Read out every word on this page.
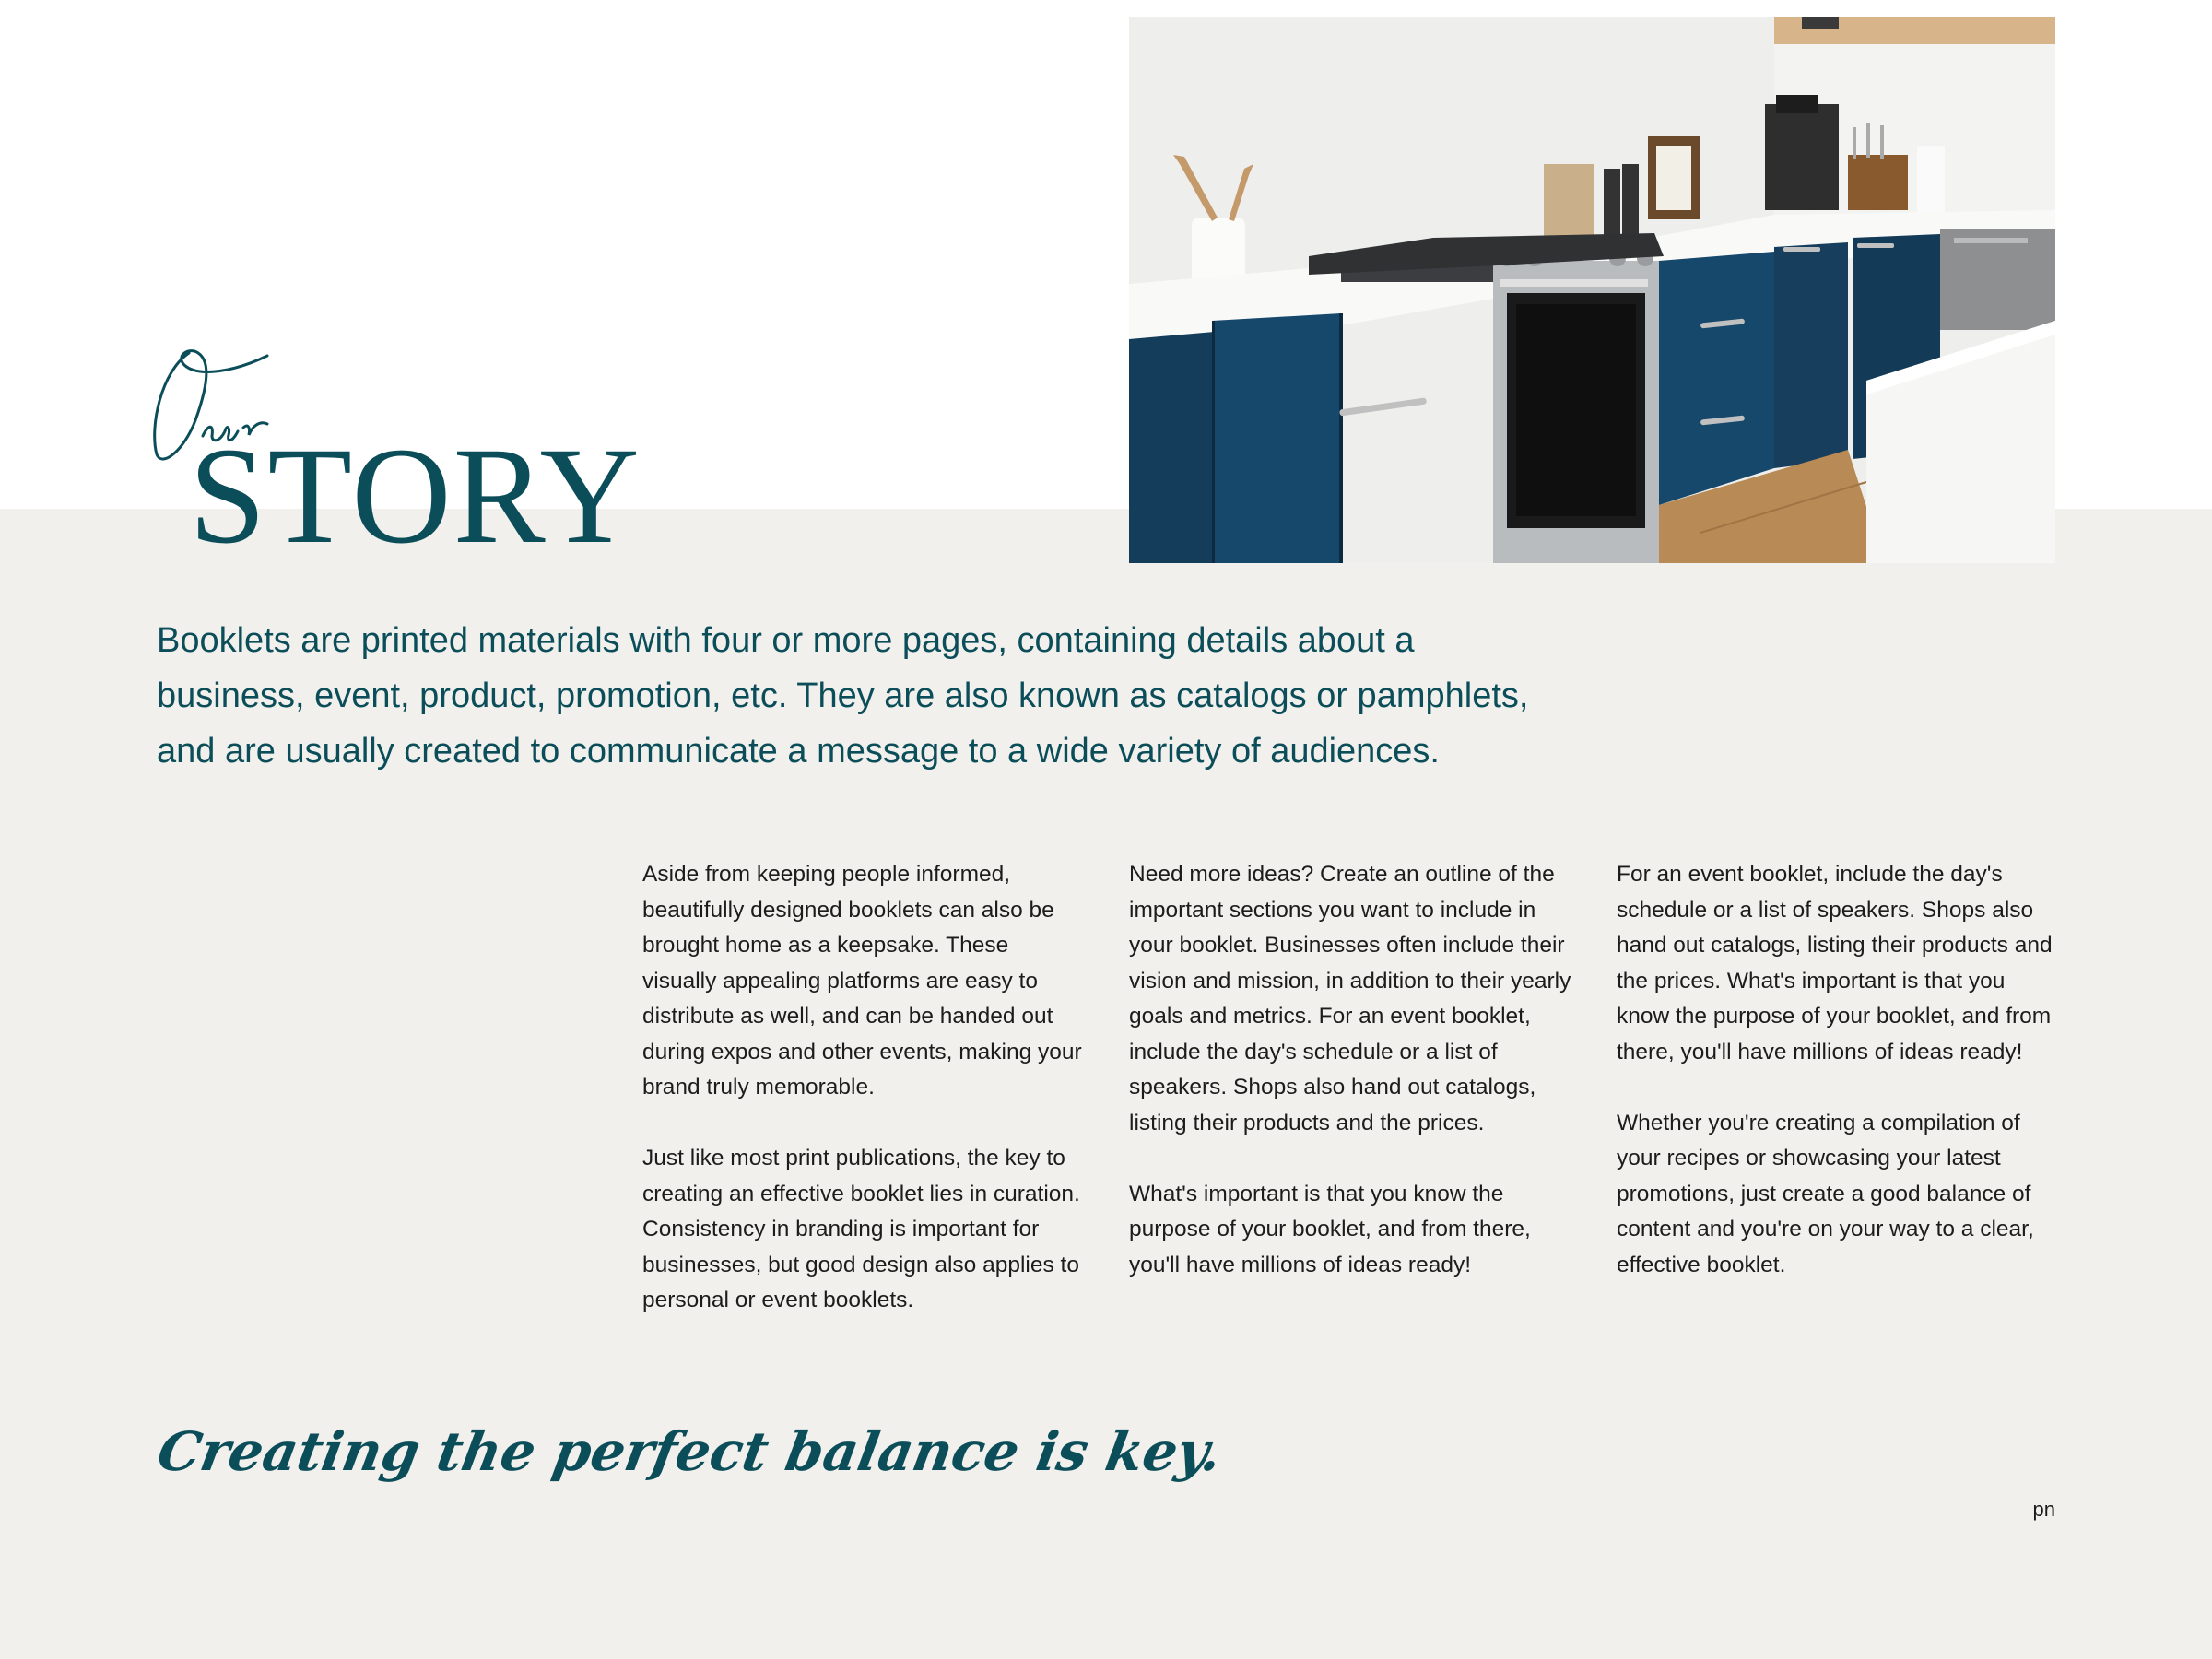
STORY

Booklets are printed materials with four or more pages, containing details about a business, event, product, promotion, etc. They are also known as catalogs or pamphlets, and are usually created to communicate a message to a wide variety of audiences.

Aside from keeping people informed, beautifully designed booklets can also be brought home as a keepsake. These visually appealing platforms are easy to distribute as well, and can be handed out during expos and other events, making your brand truly memorable.

Just like most print publications, the key to creating an effective booklet lies in curation. Consistency in branding is important for businesses, but good design also applies to personal or event booklets.

Need more ideas? Create an outline of the important sections you want to include in your booklet. Businesses often include their vision and mission, in addition to their yearly goals and metrics. For an event booklet, include the day's schedule or a list of speakers. Shops also hand out catalogs, listing their products and the prices.

What's important is that you know the purpose of your booklet, and from there, you'll have millions of ideas ready!

For an event booklet, include the day's schedule or a list of speakers. Shops also hand out catalogs, listing their products and the prices. What's important is that you know the purpose of your booklet, and from there, you'll have millions of ideas ready!

Whether you're creating a compilation of your recipes or showcasing your latest promotions, just create a good balance of content and you're on your way to a clear, effective booklet.

Creating the perfect balance is key.

pn
